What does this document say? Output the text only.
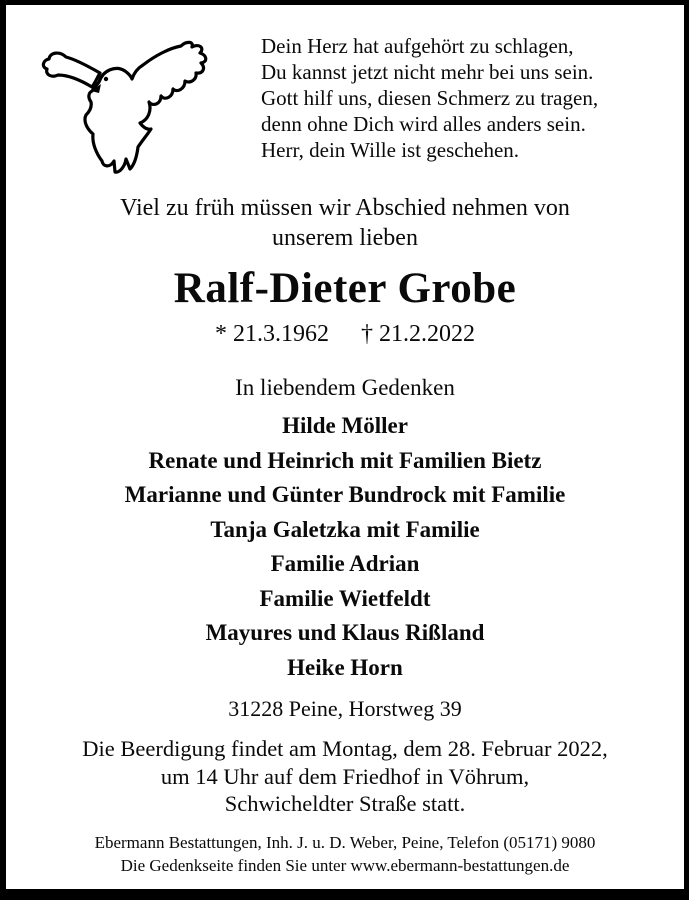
Dein Herz hat aufgehört zu schlagen,
Du kannst jetzt nicht mehr bei uns sein.
Gott hilf uns, diesen Schmerz zu tragen,
denn ohne Dich wird alles anders sein.
Herr, dein Wille ist geschehen.
Viel zu früh müssen wir Abschied nehmen von
unserem lieben
Ralf-Dieter Grobe
* 21.3.1962 † 21.2.2022
In liebendem Gedenken
Hilde Möller
Renate und Heinrich mit Familien Bietz
Marianne und Günter Bundrock mit Familie
Tanja Galetzka mit Familie
Familie Adrian
Familie Wietfeldt
Mayures und Klaus Rißland
Heike Horn
31228 Peine, Horstweg 39
Die Beerdigung findet am Montag, dem 28. Februar 2022,
um 14 Uhr auf dem Friedhof in Vöhrum,
Schwicheldter Straße statt.
Ebermann Bestattungen, Inh. J. u. D. Weber, Peine, Telefon (05171) 9080
Die Gedenkseite finden Sie unter www.ebermann-bestattungen.de
